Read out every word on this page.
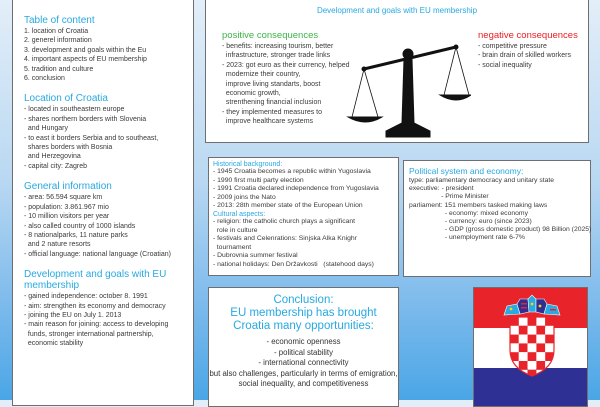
Table of content

1. location of Croatia

2. generel information

3. development and goals within the Eu

4. important aspects of EU membership

5. tradition and culture

6. conclusion

Location of Croatia

- located in southeastern europe

- shares northern borders with Slovenia

and Hungary

- to east it borders Serbia and to southeast,

shares borders with Bosnia

and Herzegovina

- capital city: Zagreb

General information

- area: 56.594 square km

- population: 3.861.967 mio

- 10 million visitors per year

- also called country of 1000 islands

- 8 nationalparks, 11 nature parks

and 2 nature resorts

- official language: national language (Croatian)

Development and goals with EU membership

- gained independence: october 8. 1991

- aim: strengthen its economy and democracy

- joining the EU on July 1. 2013

- main reason for joining: access to developing

funds, stronger international partnership,

economic stability

Development and goals with EU membership

positive consequences

- benefits: increasing tourism, better

infrastructure, stronger trade links

- 2023: got euro as their currency, helped

modernize their country,

improve living standarts, boost

economic growth,

strenthening financial inclusion

- they implemented measures to

improve healthcare systems

negative consequences

- competitive pressure

- brain drain of skilled workers

- social inequality

Historical background:

- 1945 Croatia becomes a republic within Yugoslavia

- 1990 first multi party election

- 1991 Croatia declared independence from Yugoslavia

- 2009 joins the Nato

- 2013: 28th member state of the European Union

Cultural aspects:

- religion: the catholic church plays a significant

role in culture

- festivals and Celenrations: Sinjska Alka Knighr

tournament

- Dubrovnia summer festival

- national holidays: Den Državkosti   (statehood days)

Political system and economy:

type: parliamentary democracy and unitary state

executive: - president

- Prime Minister

parliament: 151 members tasked making laws

- economy: mixed economy

- currency: euro (since 2023)

- GDP (gross domestic product) 98 Billion (2025)

- unemployment rate 6-7%

Conclusion:

EU membership has brought

Croatia many opportunities:

- economic openness
- political stability
- international connectivity
but also challenges, particularly in terms of emigration,
social inequality, and competitiveness
